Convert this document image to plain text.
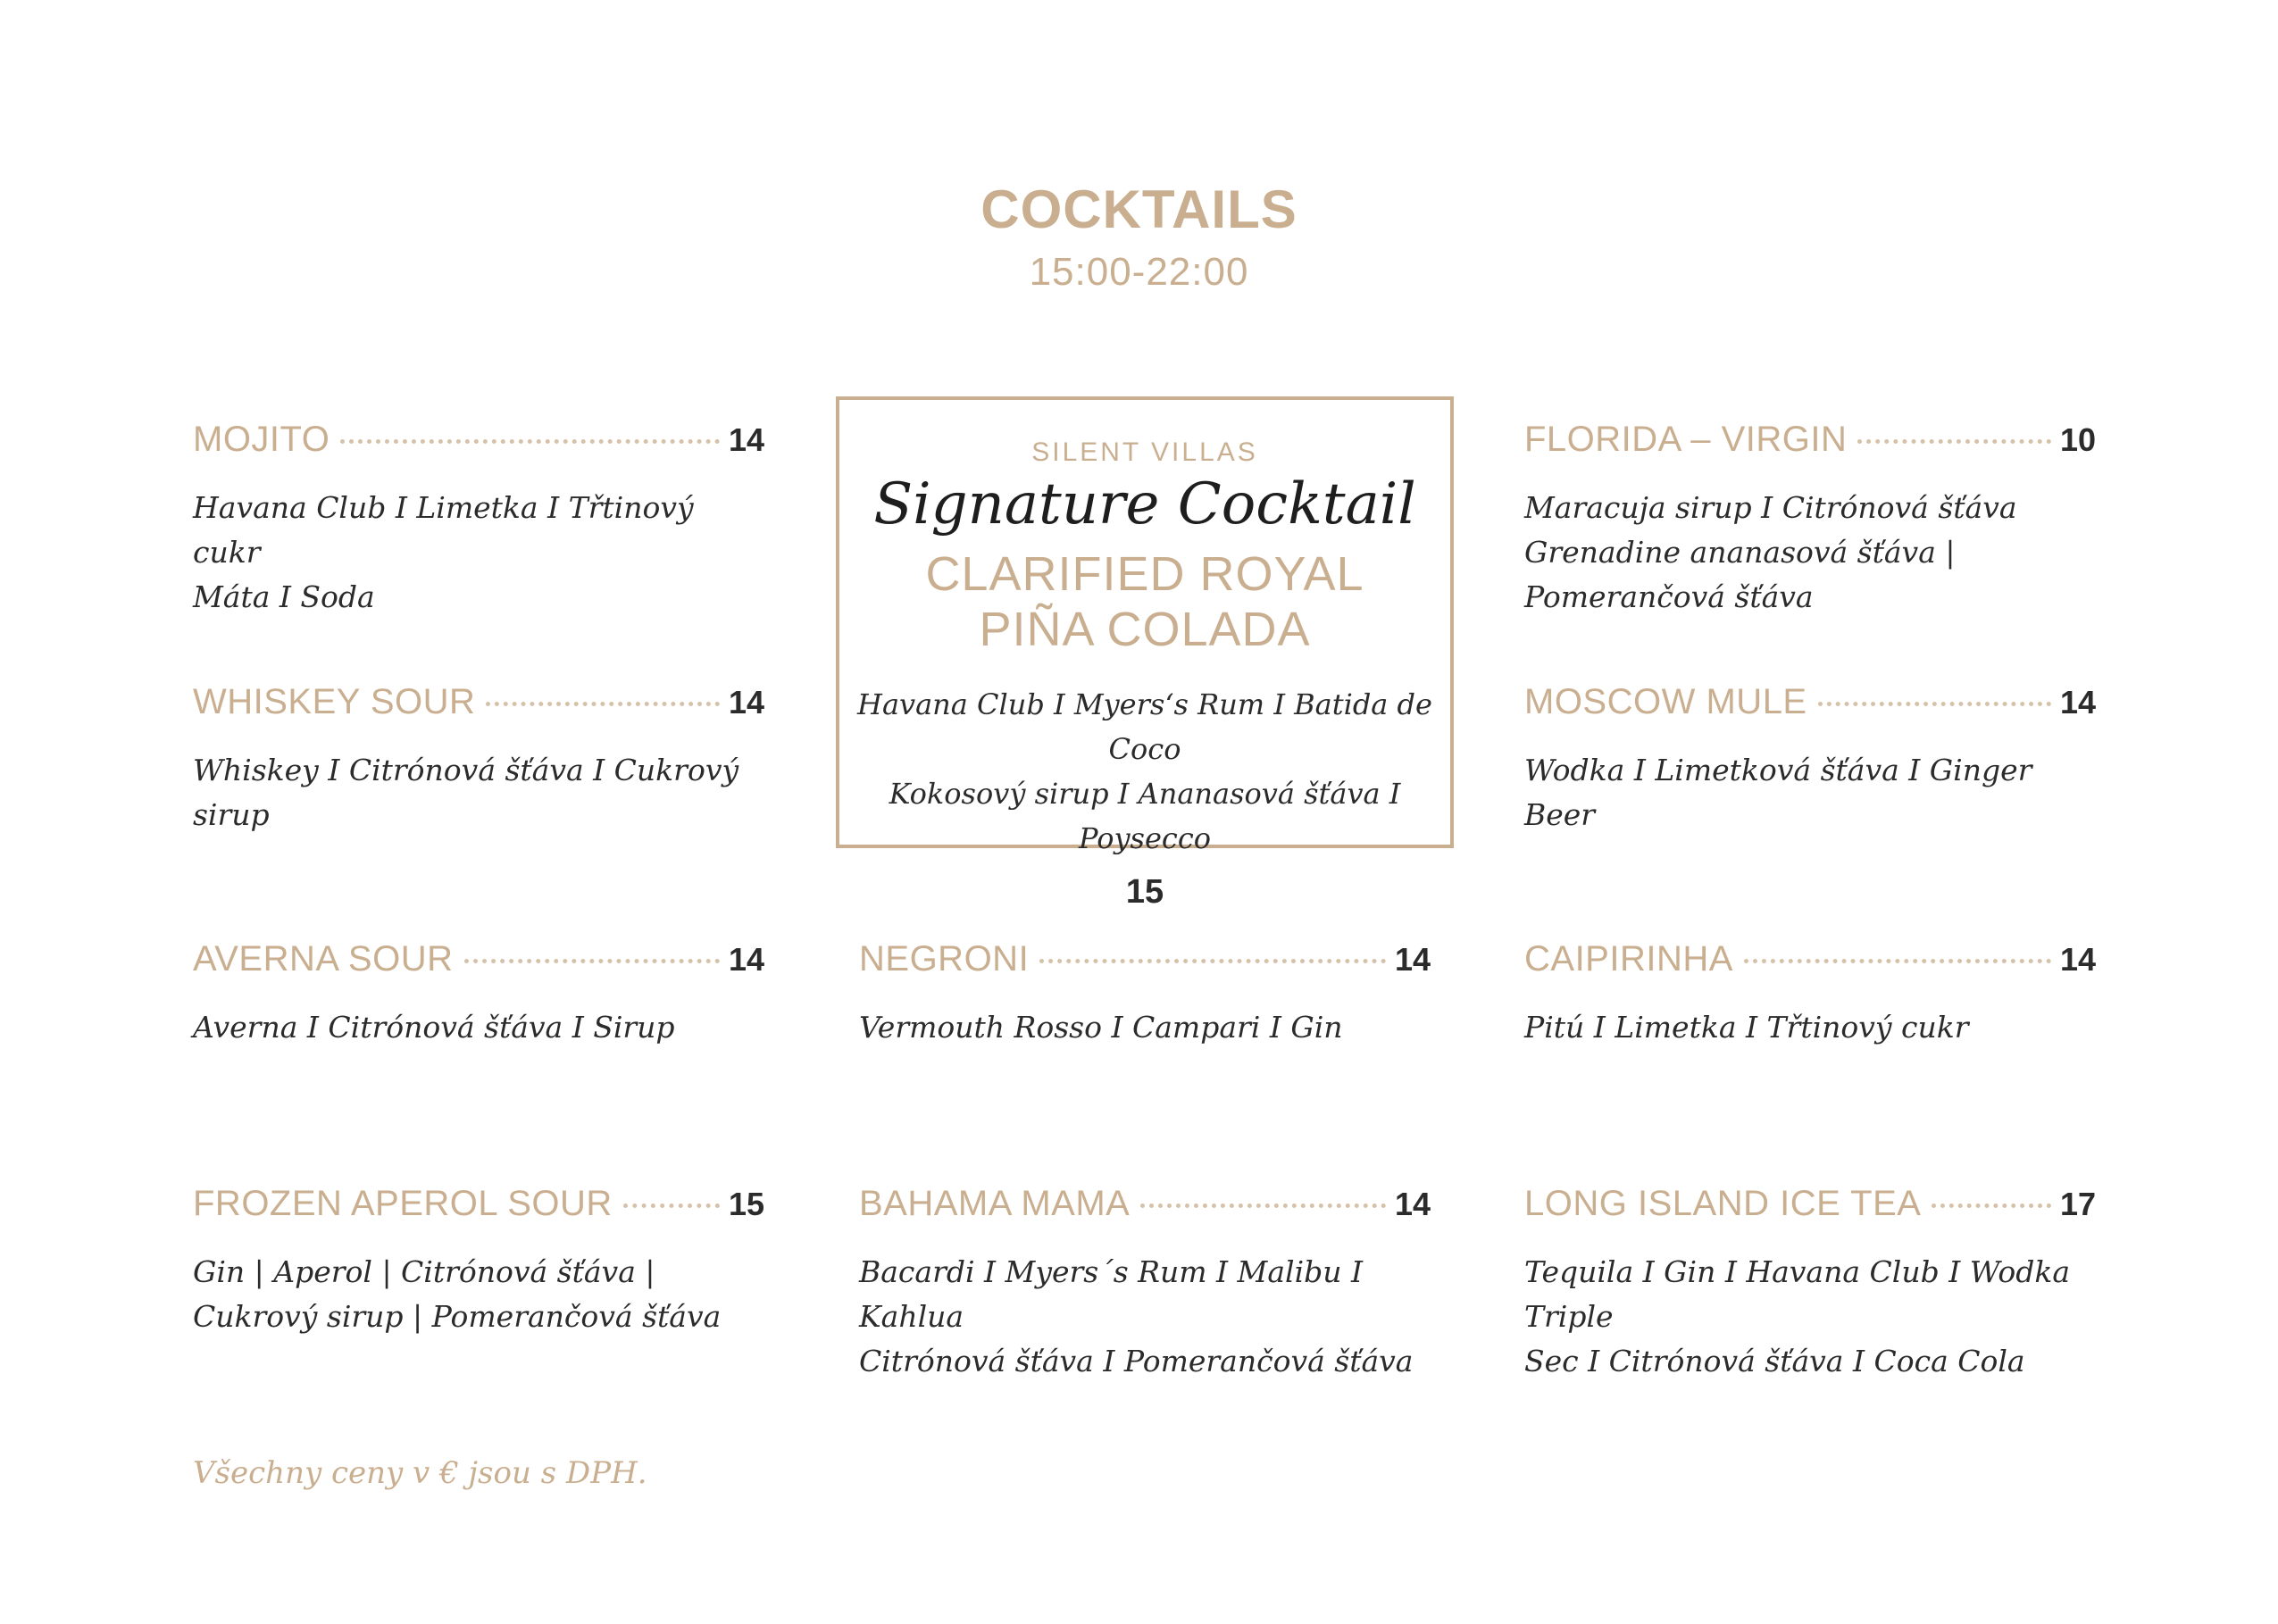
COCKTAILS
15:00-22:00
MOJITO	14
Havana Club I Limetka I Třtinový cukr
Máta I Soda
WHISKEY SOUR	14
Whiskey I Citrónová šťáva I Cukrový sirup
FLORIDA – VIRGIN	10
Maracuja sirup I Citrónová šťáva
Grenadine ananasová šťáva | Pomerančová šťáva
MOSCOW MULE	14
Wodka I Limetková šťáva I Ginger Beer
SILENT VILLAS
Signature Cocktail
CLARIFIED ROYAL
PIÑA COLADA
Havana Club I Myers‘s Rum I Batida de Coco
Kokosový sirup I Ananasová šťáva I Poysecco
15
AVERNA SOUR	14
Averna I Citrónová šťáva I Sirup
NEGRONI	14
Vermouth Rosso I Campari I Gin
CAIPIRINHA	14
Pitú I Limetka I Třtinový cukr
FROZEN APEROL SOUR	15
Gin | Aperol | Citrónová šťáva |
Cukrový sirup | Pomerančová šťáva
BAHAMA MAMA	14
Bacardi I Myers´s Rum I Malibu I Kahlua
Citrónová šťáva I Pomerančová šťáva
LONG ISLAND ICE TEA	17
Tequila I Gin I Havana Club I Wodka Triple
Sec I Citrónová šťáva I Coca Cola
Všechny ceny v € jsou s DPH.
